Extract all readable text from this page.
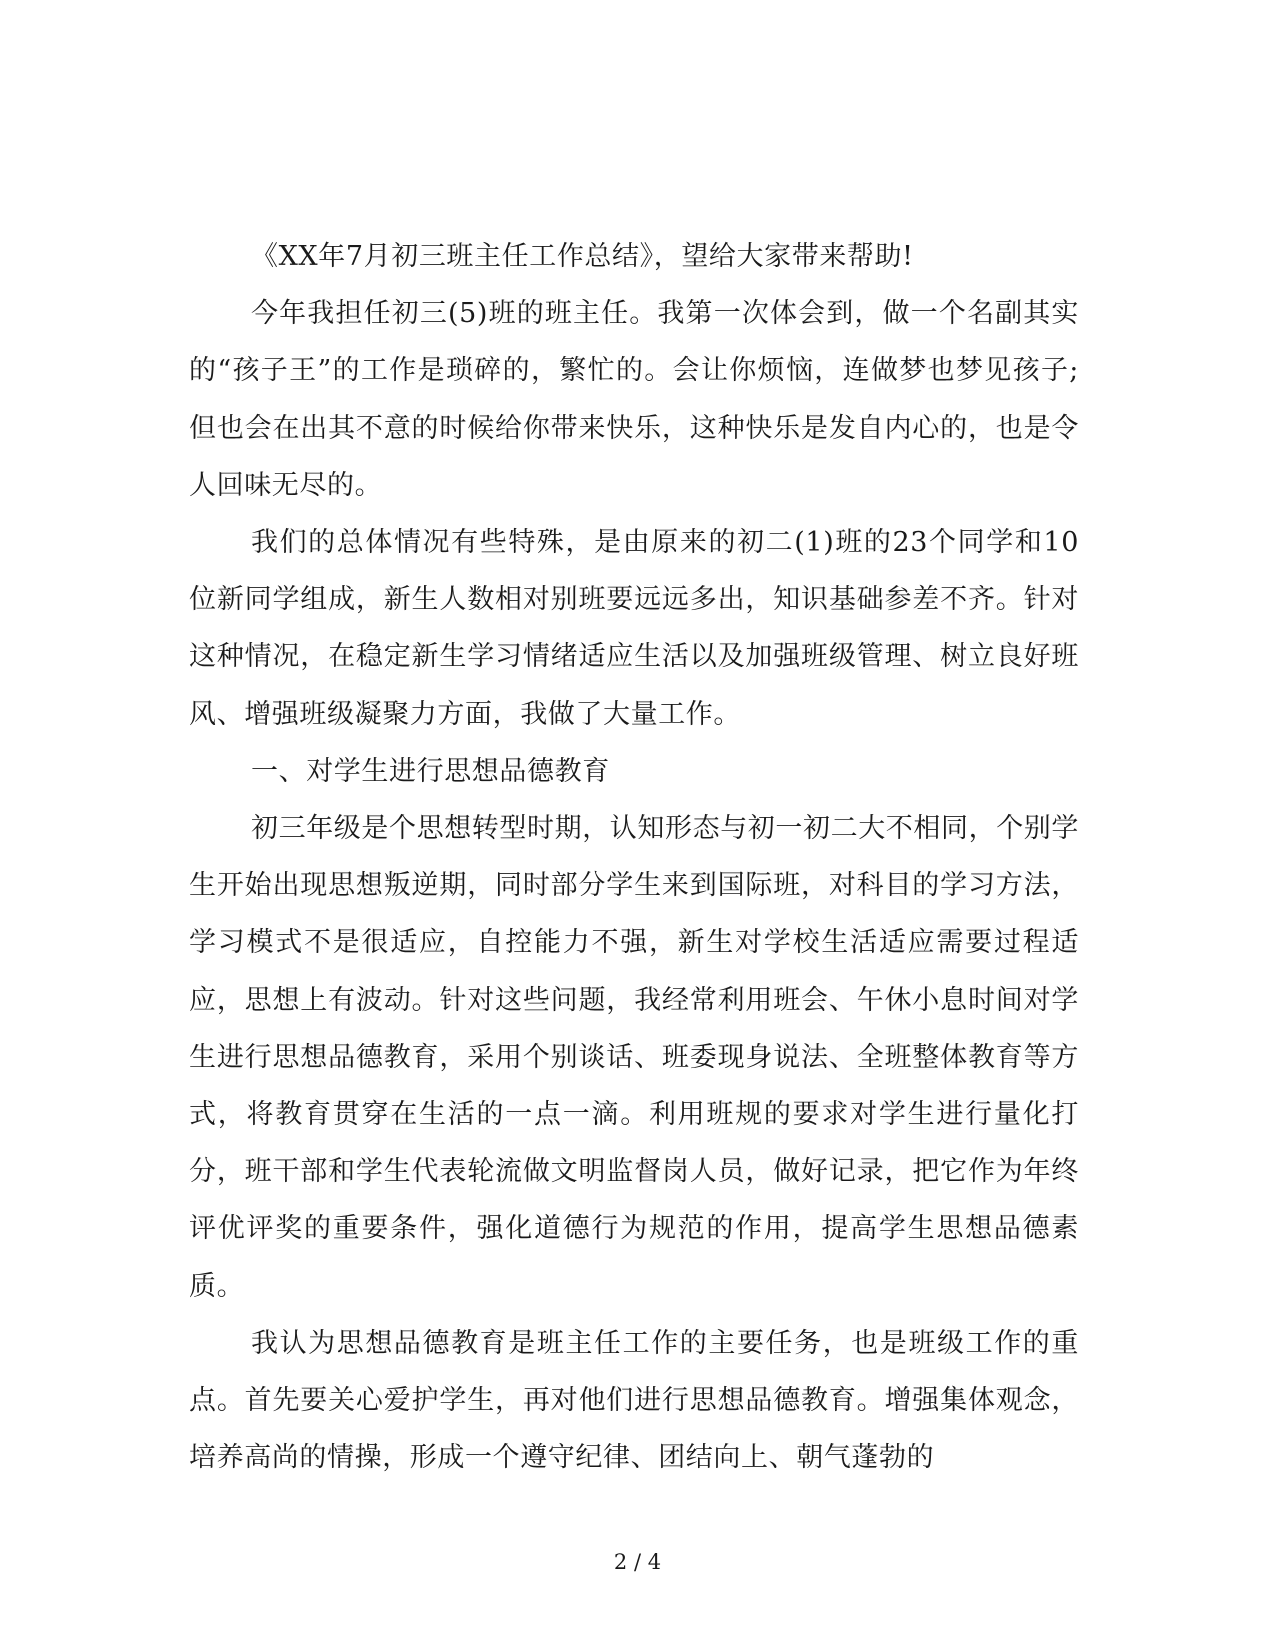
《XX年7月初三班主任工作总结》，望给大家带来帮助!

今年我担任初三(5)班的班主任。我第一次体会到，做一个名副其实的“孩子王”的工作是琐碎的，繁忙的。会让你烦恼，连做梦也梦见孩子;但也会在出其不意的时候给你带来快乐，这种快乐是发自内心的，也是令人回味无尽的。

我们的总体情况有些特殊，是由原来的初二(1)班的23个同学和10位新同学组成，新生人数相对别班要远远多出，知识基础参差不齐。针对这种情况，在稳定新生学习情绪适应生活以及加强班级管理、树立良好班风、增强班级凝聚力方面，我做了大量工作。

一、对学生进行思想品德教育

初三年级是个思想转型时期，认知形态与初一初二大不相同，个别学生开始出现思想叛逆期，同时部分学生来到国际班，对科目的学习方法，学习模式不是很适应，自控能力不强，新生对学校生活适应需要过程适应，思想上有波动。针对这些问题，我经常利用班会、午休小息时间对学生进行思想品德教育，采用个别谈话、班委现身说法、全班整体教育等方式，将教育贯穿在生活的一点一滴。利用班规的要求对学生进行量化打分，班干部和学生代表轮流做文明监督岗人员，做好记录，把它作为年终评优评奖的重要条件，强化道德行为规范的作用，提高学生思想品德素质。

我认为思想品德教育是班主任工作的主要任务，也是班级工作的重点。首先要关心爱护学生，再对他们进行思想品德教育。增强集体观念，培养高尚的情操，形成一个遵守纪律、团结向上、朝气蓬勃的

2 / 4
